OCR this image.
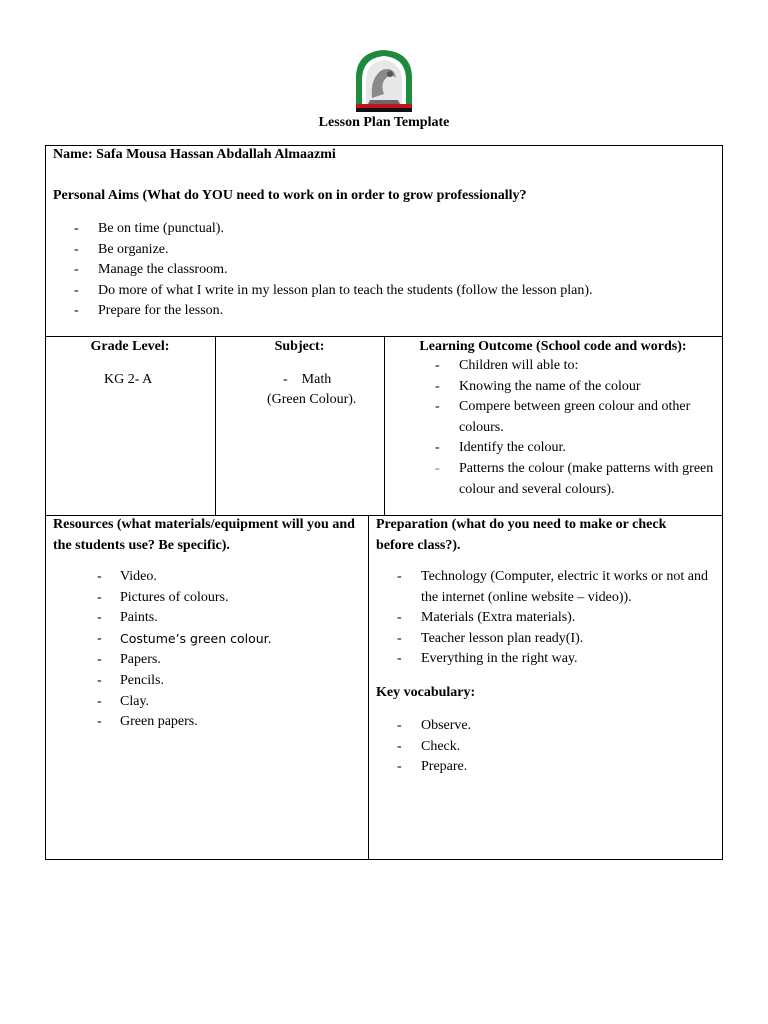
Lesson Plan Template
Name: Safa Mousa Hassan Abdallah Almaazmi
Personal Aims (What do YOU need to work on in order to grow professionally?
- Be on time (punctual).
- Be organize.
- Manage the classroom.
- Do more of what I write in my lesson plan to teach the students (follow the lesson plan).
- Prepare for the lesson.
Grade Level:
KG 2- A
Subject:
- Math
(Green Colour).
Learning Outcome (School code and words):
- Children will able to:
- Knowing the name of the colour
- Compere between green colour and other colours.
- Identify the colour.
- Patterns the colour (make patterns with green colour and several colours).
Resources (what materials/equipment will you and the students use? Be specific).
- Video.
- Pictures of colours.
- Paints.
- Costume’s green colour.
- Papers.
- Pencils.
- Clay.
- Green papers.
Preparation (what do you need to make or check before class?).
- Technology (Computer, electric it works or not and the internet (online website – video)).
- Materials (Extra materials).
- Teacher lesson plan ready(I).
- Everything in the right way.
Key vocabulary:
- Observe.
- Check.
- Prepare.
